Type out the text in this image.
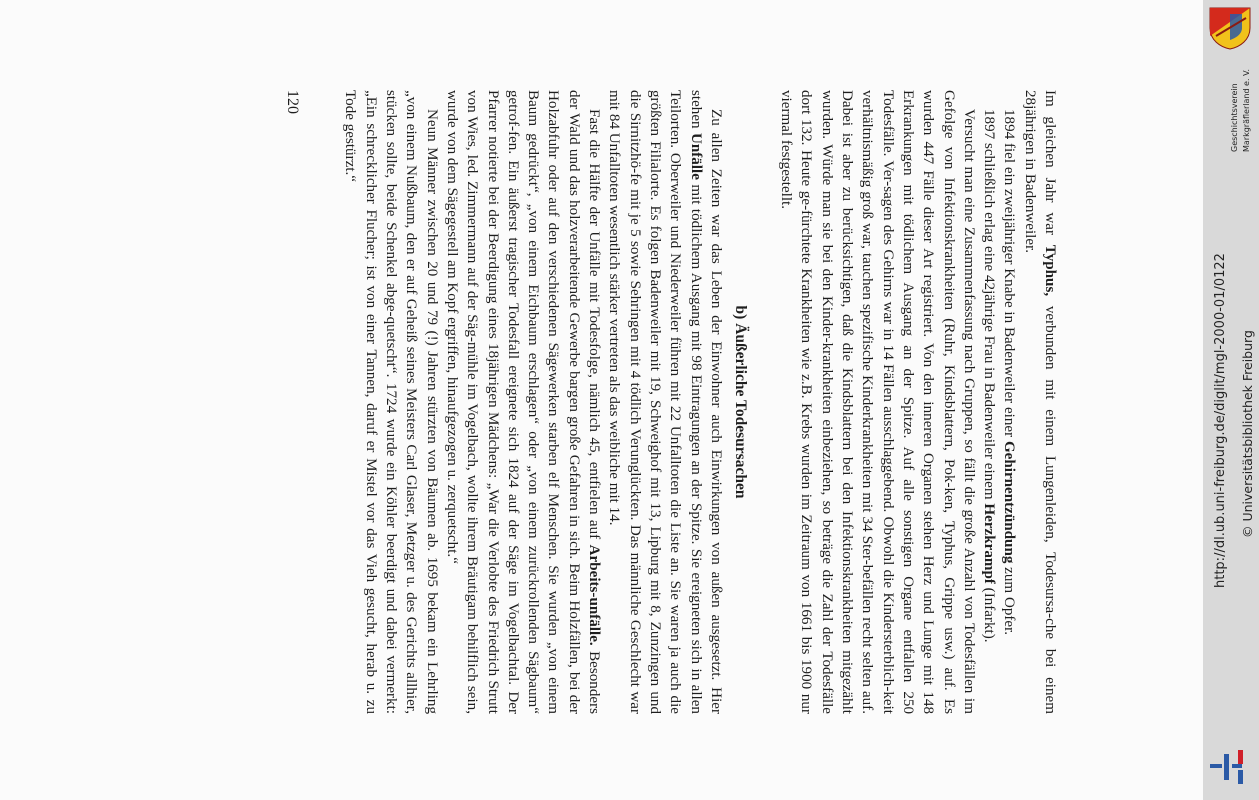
Im gleichen Jahr war Typhus, verbunden mit einem Lungenleiden, Todesursa-che bei einem 28jährigen in Badenweiler.

1894 fiel ein zweijähriger Knabe in Badenweiler einer Gehirnentzündung zum Opfer.

1897 schließlich erlag eine 42jährige Frau in Badenweiler einem Herzkrampf (Infarkt).

Versucht man eine Zusammenfassung nach Gruppen, so fällt die große Anzahl von Todesfällen im Gefolge von Infektionskrankheiten (Ruhr, Kindsblattern, Pok-ken, Typhus, Grippe usw.) auf. Es wurden 447 Fälle dieser Art registriert. Von den inneren Organen stehen Herz und Lunge mit 148 Erkrankungen mit tödlichem Ausgang an der Spitze. Auf alle sonstigen Organe entfallen 250 Todesfälle. Ver-sagen des Gehirns war in 14 Fällen ausschlaggebend. Obwohl die Kindersterblich-keit verhältnismäßig groß war, tauchen spezifische Kinderkrankheiten mit 34 Ster-befällen recht selten auf. Dabei ist aber zu berücksichtigen, daß die Kindsblattern bei den Infektionskrankheiten mitgezählt wurden. Würde man sie bei den Kinder-krankheiten einbeziehen, so beträge die Zahl der Todesfälle dort 132. Heute ge-fürchtete Krankheiten wie z.B. Krebs wurden im Zeitraum von 1661 bis 1900 nur viermal festgestellt.

b) Äußerliche Todesursachen

Zu allen Zeiten war das Leben der Einwohner auch Einwirkungen von außen ausgesetzt. Hier stehen Unfälle mit tödlichem Ausgang mit 98 Eintragungen an der Spitze. Sie ereigneten sich in allen Teilorten. Oberweiler und Niederweiler führen mit 22 Unfalltoten die Liste an. Sie waren ja auch die größten Filialorte. Es folgen Badenweiler mit 19, Schweighof mit 13, Lipburg mit 8, Zunzingen und die Sirnitzhö-fe mit je 5 sowie Sehringen mit 4 tödlich Verunglückten. Das männliche Geschlecht war mit 84 Unfalltoten wesentlich stärker vertreten als das weibliche mit 14.

Fast die Hälfte der Unfälle mit Todesfolge, nämlich 45, entfielen auf Arbeits-unfälle. Besonders der Wald und das holzverarbeitende Gewerbe bargen große Gefahren in sich. Beim Holzfällen, bei der Holzabfuhr oder auf den verschiedenen Sägewerken starben elf Menschen. Sie wurden „von einem Baum gedrückt“, „von einem Eichbaum erschlagen“ oder „von einem zurückrollenden Sägbaum“ getrof-fen. Ein äußerst tragischer Todesfall ereignete sich 1824 auf der Säge im Vogelbachtal. Der Pfarrer notierte bei der Beerdigung eines 18jährigen Mädchens: „War die Verlobte des Friedrich Strutt von Wies, led. Zimmermann auf der Säg-mühle im Vogelbach, wollte ihrem Bräutigam behilflich sein, wurde von dem Sägegestell am Kopf ergriffen, hinaufgezogen u. zerquetscht.“

Neun Männer zwischen 20 und 79 (!) Jahren stürzten von Bäumen ab. 1695 bekam ein Lehrling „von einem Nußbaum, den er auf Geheiß seines Meisters Carl Glaser, Metzger u. des Gerichts allhier, stücken sollte, beide Schenkel abge-quetscht“. 1724 wurde ein Köhler beerdigt und dabei vermerkt: „Ein schrecklicher Flucher; ist von einer Tannen, daruf er Mistel vor das Vieh gesucht, herab u. zu Tode gestürzt.“

120
http://dl.ub.uni-freiburg.de/diglit/mgl-2000-01/0122 © Universitätsbibliothek Freiburg
Geschichtsverein Markgräflerland e. V.
